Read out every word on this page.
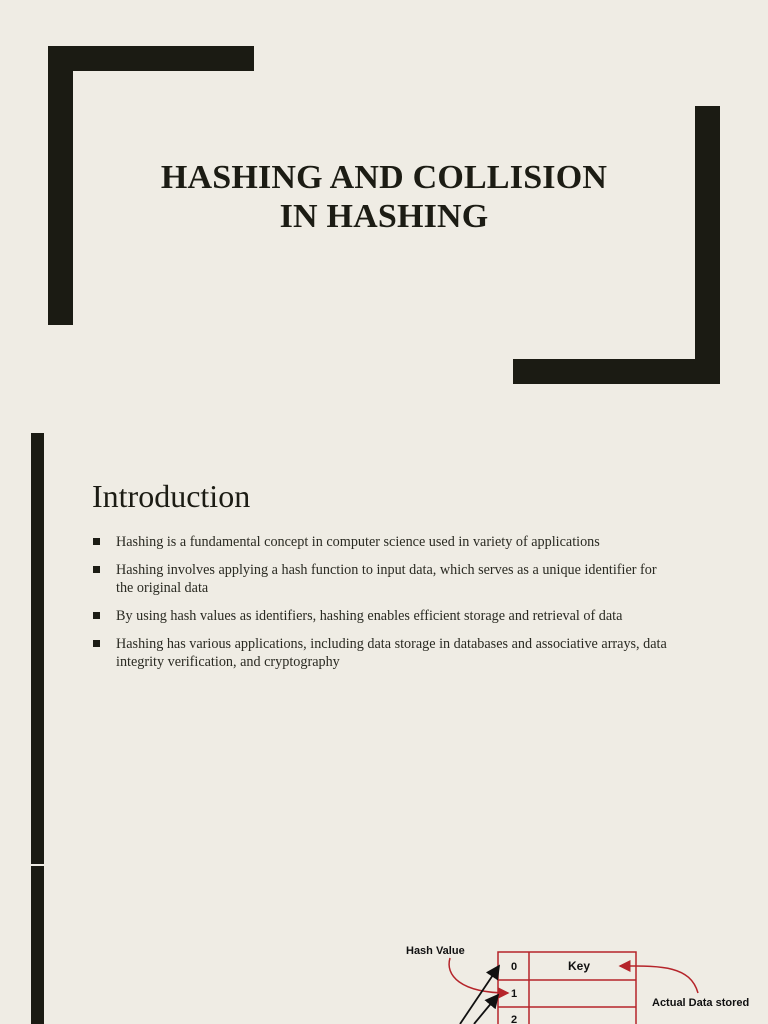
HASHING AND COLLISION
IN HASHING
Introduction
Hashing is a fundamental concept in computer science used in variety of applications
Hashing involves applying a hash function to input data, which serves as a unique identifier for the original data
By using hash values as identifiers, hashing enables efficient storage and retrieval of data
Hashing has various applications, including data storage in databases and associative arrays, data integrity verification, and cryptography
Hash Value
Actual Data stored
0
1
2
Key
